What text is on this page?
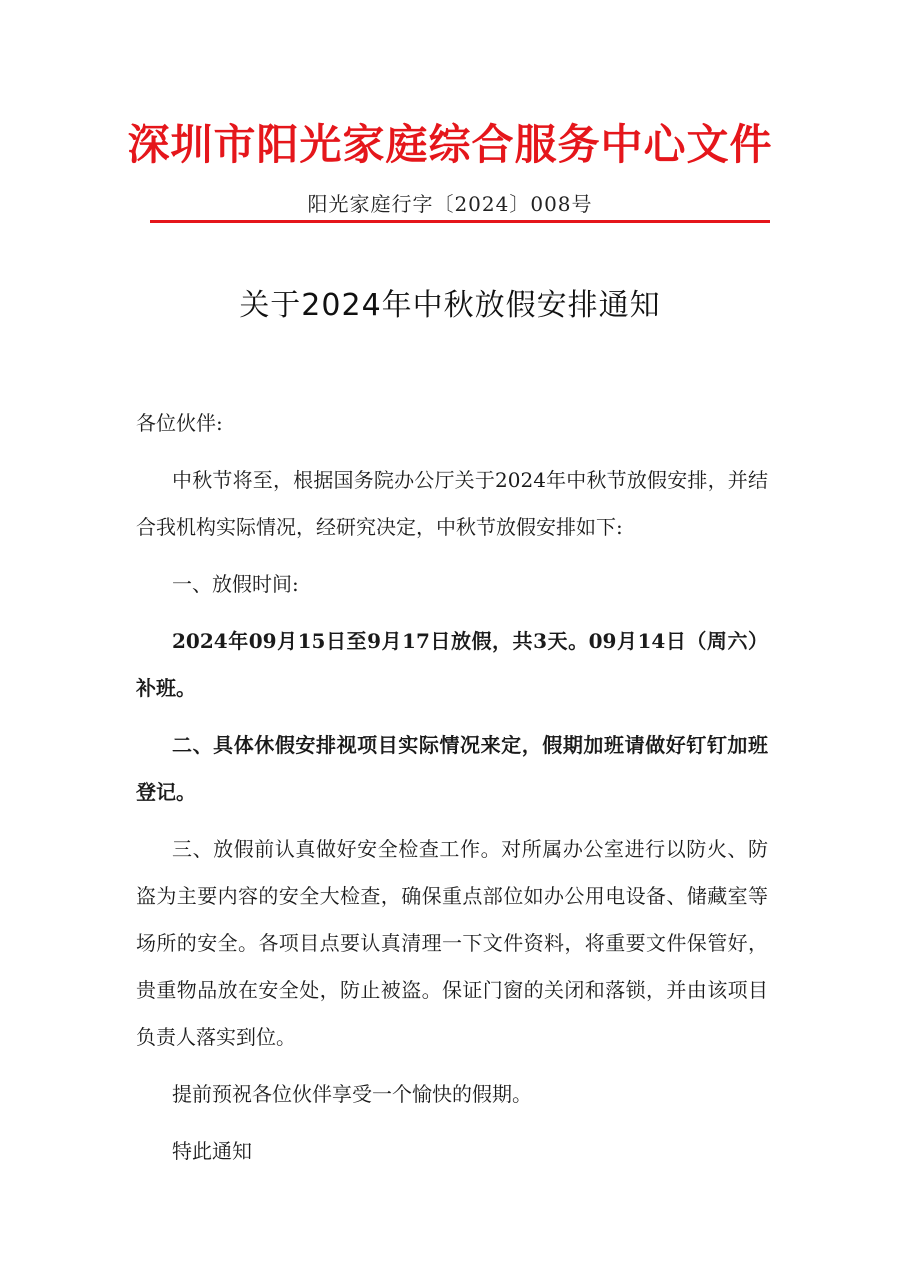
深圳市阳光家庭综合服务中心文件
阳光家庭行字〔2024〕008号
关于2024年中秋放假安排通知

各位伙伴:

中秋节将至，根据国务院办公厅关于2024年中秋节放假安排，并结合我机构实际情况，经研究决定，中秋节放假安排如下:

一、放假时间:

2024年09月15日至9月17日放假，共3天。09月14日（周六）补班。

二、具体休假安排视项目实际情况来定，假期加班请做好钉钉加班登记。

三、放假前认真做好安全检查工作。对所属办公室进行以防火、防盗为主要内容的安全大检查，确保重点部位如办公用电设备、储藏室等场所的安全。各项目点要认真清理一下文件资料，将重要文件保管好，贵重物品放在安全处，防止被盗。保证门窗的关闭和落锁，并由该项目负责人落实到位。

提前预祝各位伙伴享受一个愉快的假期。

特此通知
